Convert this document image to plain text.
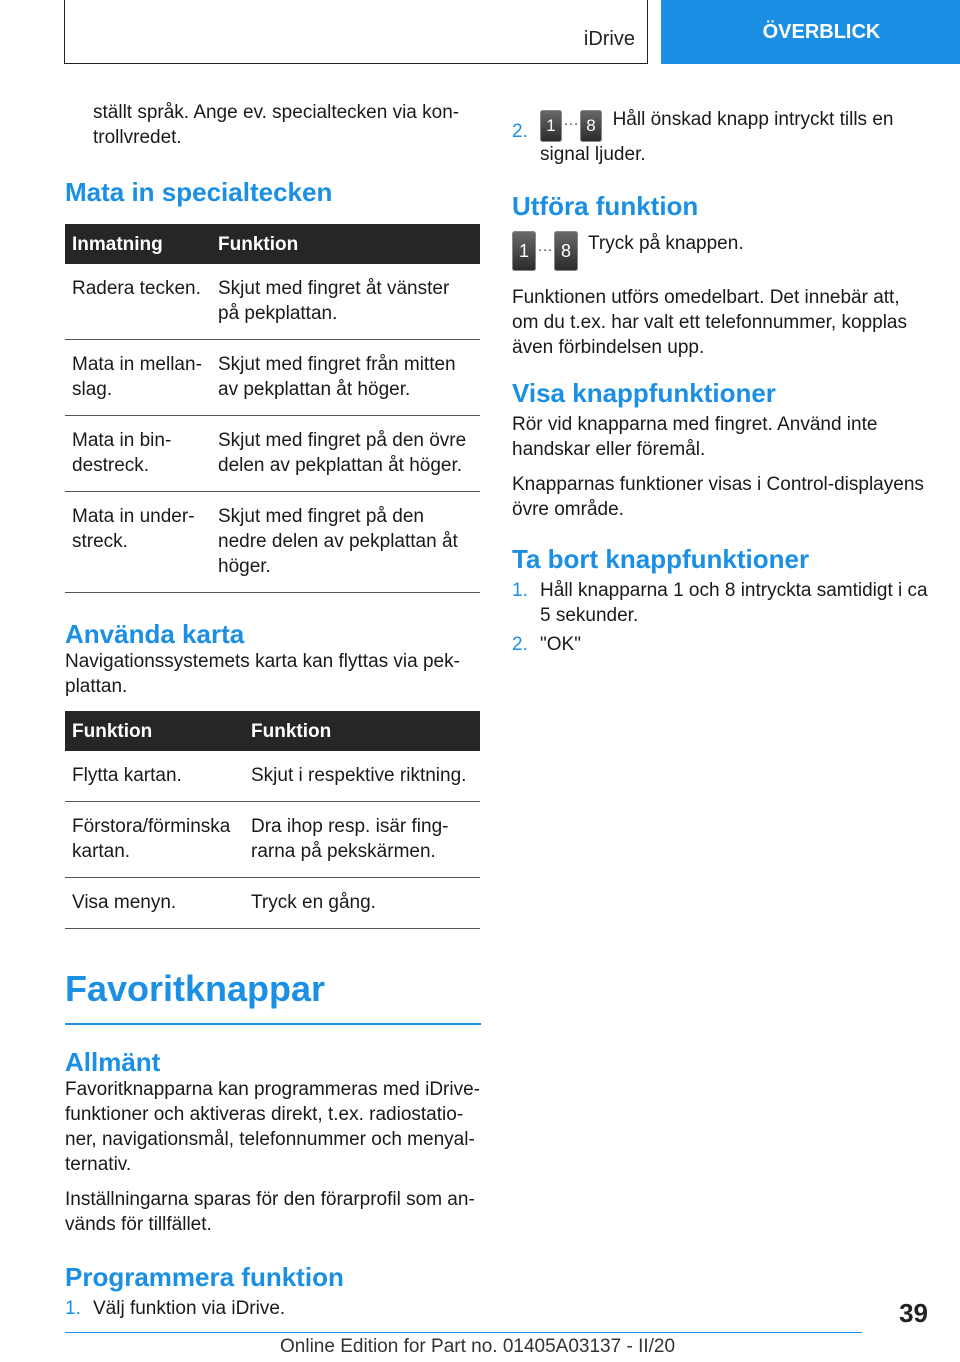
iDrive	ÖVERBLICK

ställt språk. Ange ev. specialtecken via kontrollvredet.

Mata in specialtecken
Inmatning	Funktion
Radera tecken.	Skjut med fingret åt vänster på pekplattan.
Mata in mellanslag.	Skjut med fingret från mitten av pekplattan åt höger.
Mata in bindestreck.	Skjut med fingret på den övre delen av pekplattan åt höger.
Mata in understreck.	Skjut med fingret på den nedre delen av pekplattan åt höger.
Använda karta

Navigationssystemets karta kan flyttas via pekplattan.

Funktion	Funktion
Flytta kartan.	Skjut i respektive riktning.
Förstora/förminska kartan.	Dra ihop resp. isär fingrarna på pekskärmen.
Visa menyn.	Tryck en gång.
Favoritknappar
Allmänt

Favoritknapparna kan programmeras med iDrive-funktioner och aktiveras direkt, t.ex. radiostationer, navigationsmål, telefonnummer och menyalternativ.

Inställningarna sparas för den förarprofil som används för tillfället.

Programmera funktion
1. Välj funktion via iDrive.
2.	1 … 8 Håll önskad knapp intryckt tills en signal ljuder.
Utföra funktion
1 … 8 Tryck på knappen.

Funktionen utförs omedelbart. Det innebär att, om du t.ex. har valt ett telefonnummer, kopplas även förbindelsen upp.

Visa knappfunktioner

Rör vid knapparna med fingret. Använd inte handskar eller föremål.

Knapparnas funktioner visas i Control-displayens övre område.

Ta bort knappfunktioner
1. Håll knapparna 1 och 8 intryckta samtidigt i ca 5 sekunder.
2. "OK"
39
Online Edition for Part no. 01405A03137 - II/20
